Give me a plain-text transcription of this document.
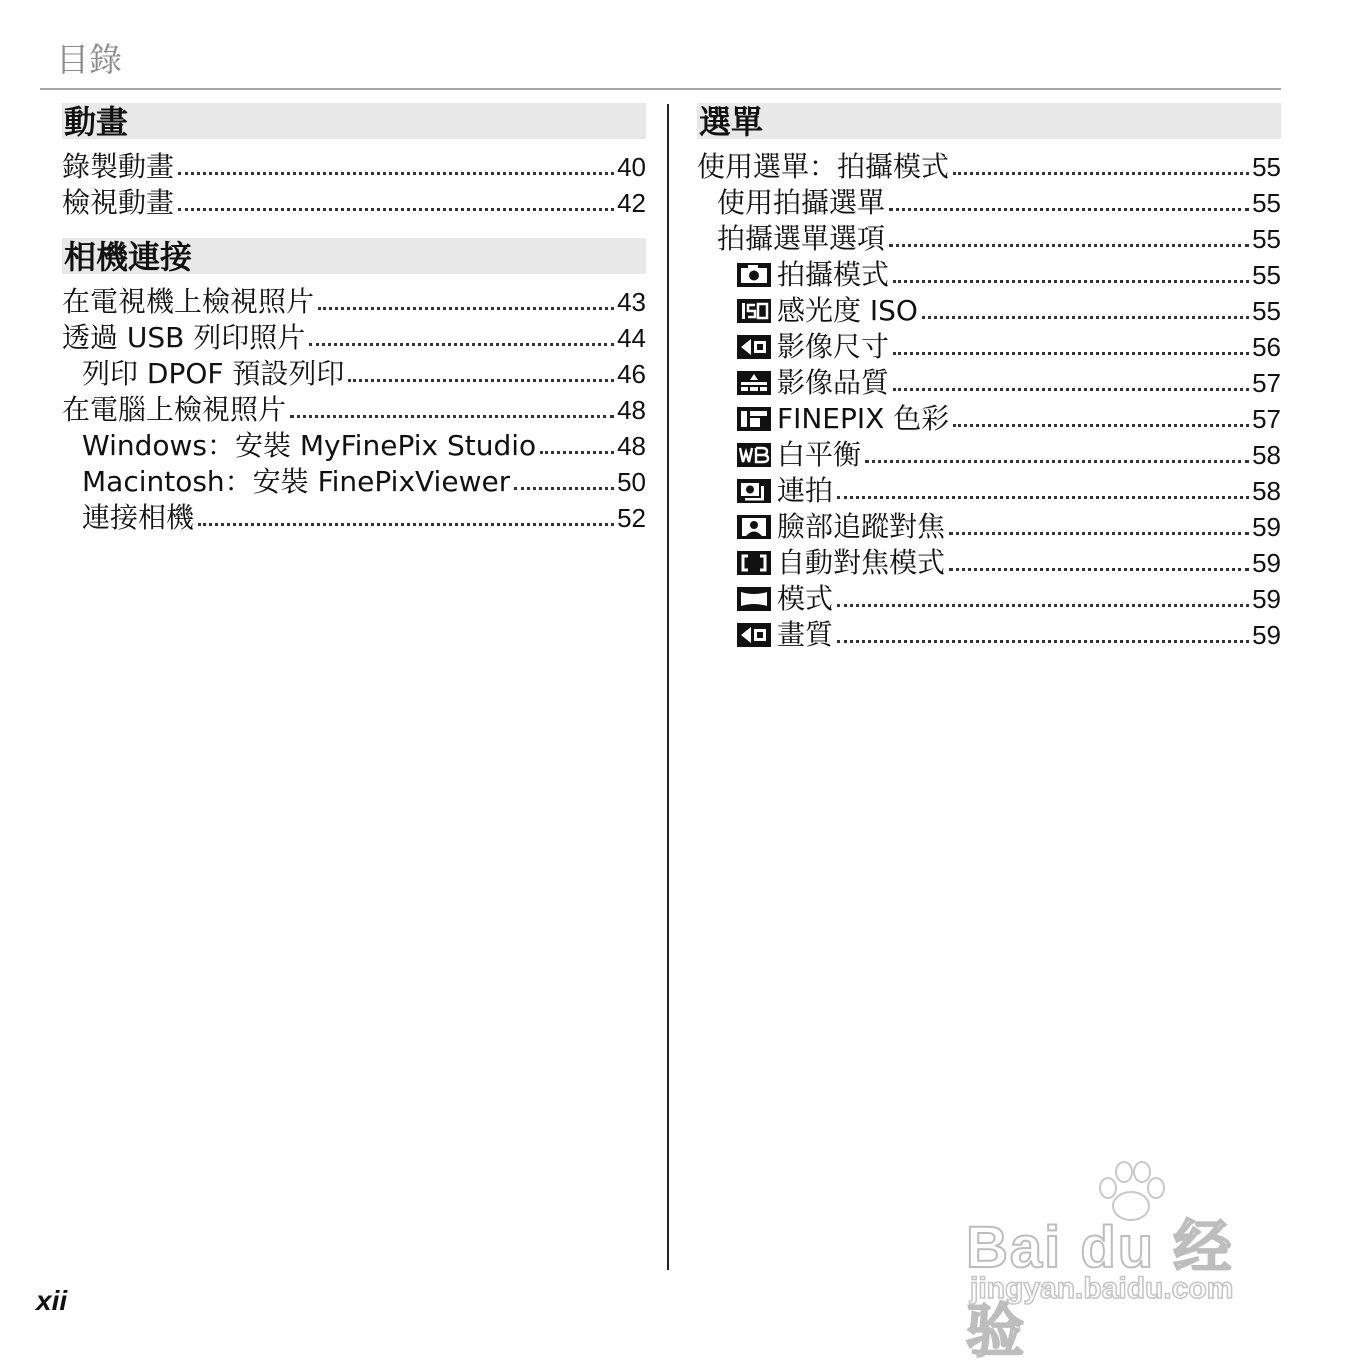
目錄
動畫
錄製動畫	40
檢視動畫	42
相機連接
在電視機上檢視照片	43
透過 USB 列印照片	44
列印 DPOF 預設列印	46
在電腦上檢視照片	48
Windows：安裝 MyFinePix Studio	48
Macintosh：安裝 FinePixViewer	50
連接相機	52
選單
使用選單：拍攝模式	55
使用拍攝選單	55
拍攝選單選項	55
拍攝模式	55
感光度 ISO	55
影像尺寸	56
影像品質	57
FINEPIX 色彩	57
白平衡	58
連拍	58
臉部追蹤對焦	59
自動對焦模式	59
模式	59
畫質	59
xii
Bai du 经验
jingyan.baidu.com
